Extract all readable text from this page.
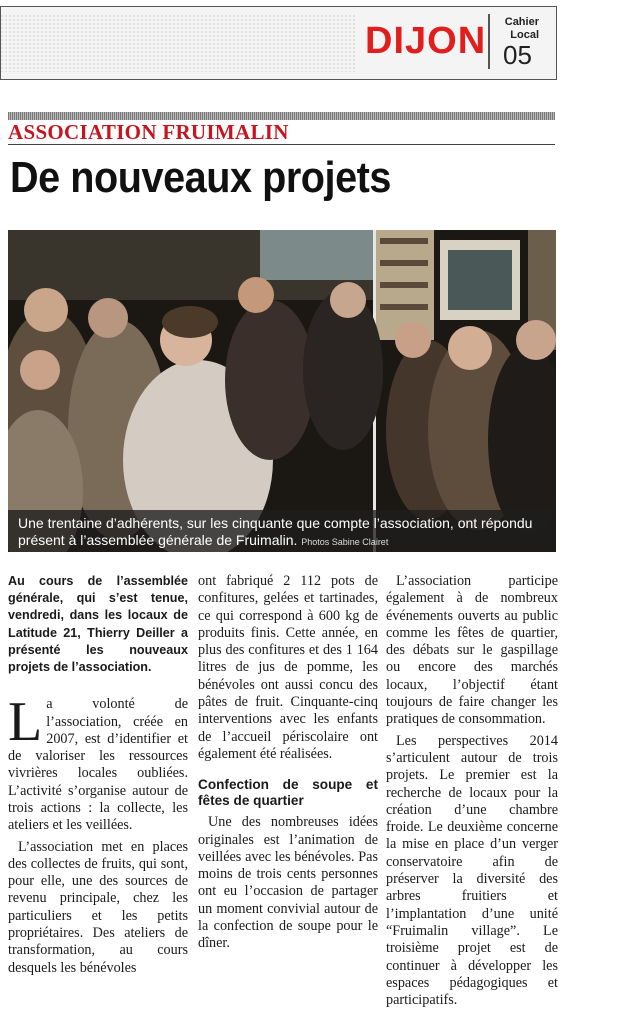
DIJON	Cahier
Local
05
ASSOCIATION FRUIMALIN
De nouveaux projets
Une trentaine d’adhérents, sur les cinquante que compte l’association, ont répondu présent à l’assemblée générale de Fruimalin. Photos Sabine Clairet

Au cours de l’assemblée générale, qui s’est tenue, vendredi, dans les locaux de Latitude 21, Thierry Deiller a présenté les nouveaux projets de l’association.

La volonté de l’association, créée en 2007, est d’identifier et de valoriser les ressources vivrières locales oubliées. L’activité s’organise autour de trois actions : la collecte, les ateliers et les veillées.

L’association met en places des collectes de fruits, qui sont, pour elle, une des sources de revenu principale, chez les particuliers et les petits propriétaires. Des ateliers de transformation, au cours desquels les bénévoles

ont fabriqué 2 112 pots de confitures, gelées et tartinades, ce qui correspond à 600 kg de produits finis. Cette année, en plus des confitures et des 1 164 litres de jus de pomme, les bénévoles ont aussi concu des pâtes de fruit. Cinquante-cinq interventions avec les enfants de l’accueil périscolaire ont également été réalisées.

Confection de soupe et fêtes de quartier

Une des nombreuses idées originales est l’animation de veillées avec les bénévoles. Pas moins de trois cents personnes ont eu l’occasion de partager un moment convivial autour de la confection de soupe pour le dîner.

L’association participe également à de nombreux événements ouverts au public comme les fêtes de quartier, des débats sur le gaspillage ou encore des marchés locaux, l’objectif étant toujours de faire changer les pratiques de consommation.

Les perspectives 2014 s’articulent autour de trois projets. Le premier est la recherche de locaux pour la création d’une chambre froide. Le deuxième concerne la mise en place d’un verger conservatoire afin de préserver la diversité des arbres fruitiers et l’implantation d’une unité “Fruimalin village”. Le troisième projet est de continuer à développer les espaces pédagogiques et participatifs.
